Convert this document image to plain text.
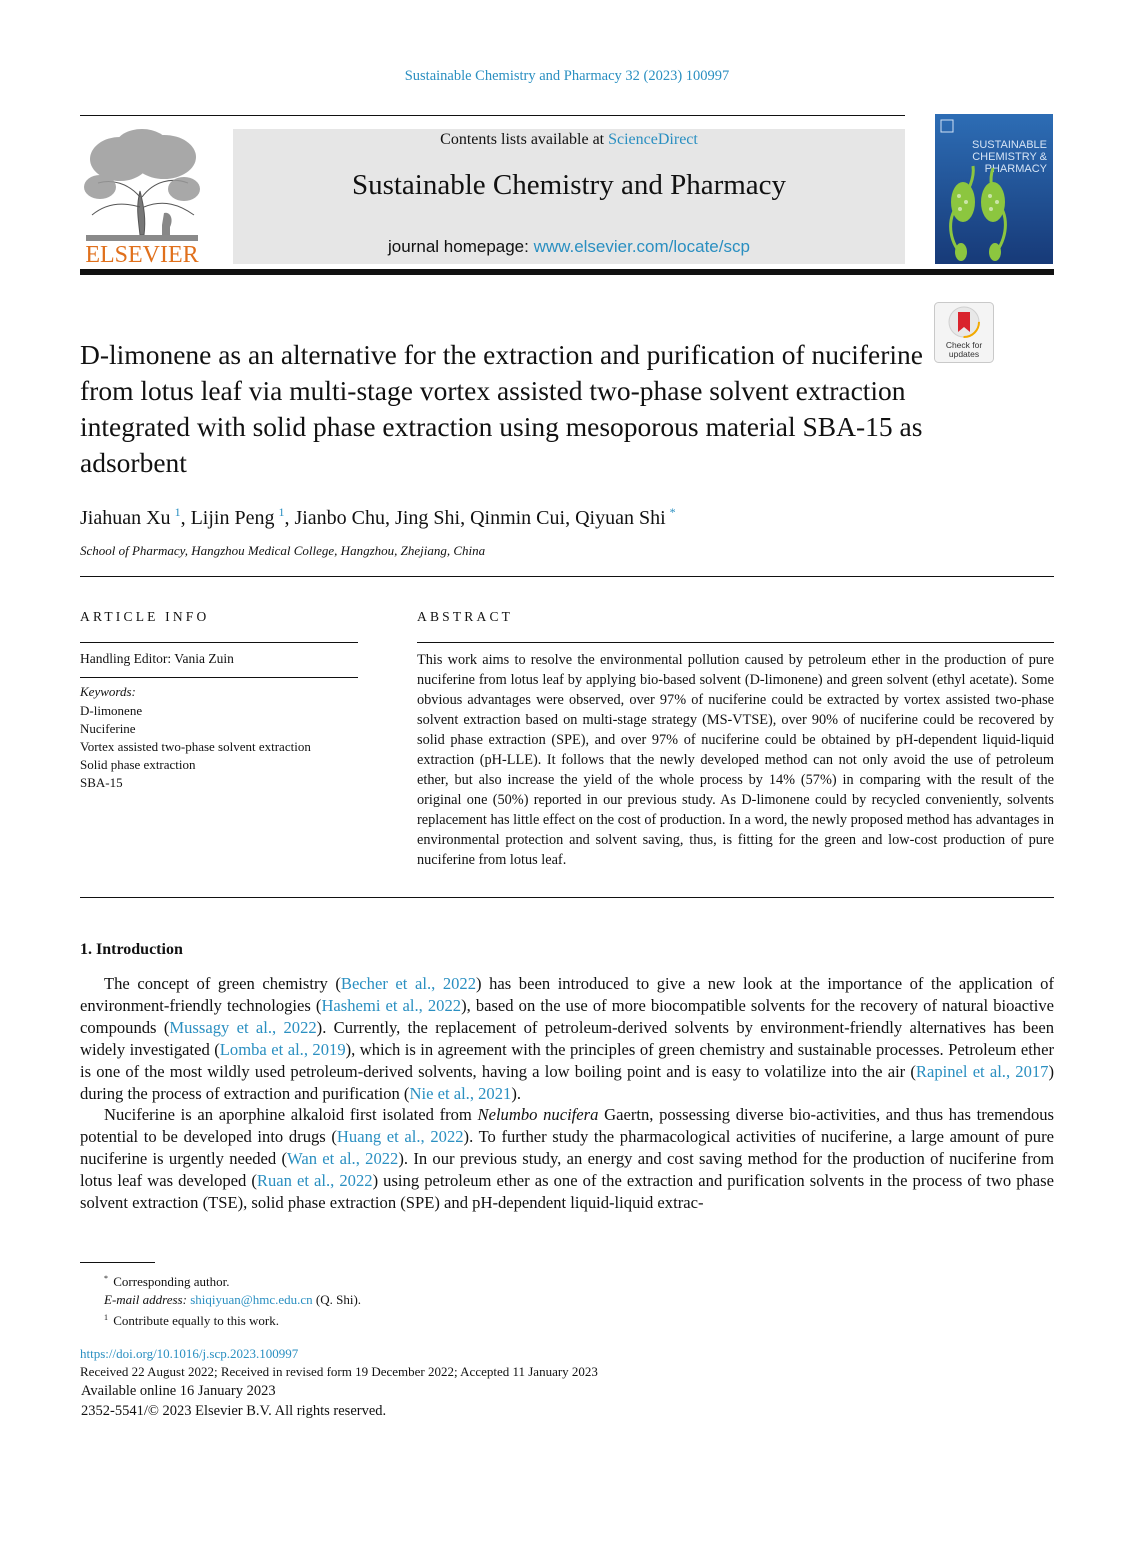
Sustainable Chemistry and Pharmacy 32 (2023) 100997
ELSEVIER
Contents lists available at ScienceDirect
Sustainable Chemistry and Pharmacy
journal homepage: www.elsevier.com/locate/scp
SUSTAINABLE
CHEMISTRY &
PHARMACY
Check for
updates
D-limonene as an alternative for the extraction and purification of nuciferine from lotus leaf via multi-stage vortex assisted two-phase solvent extraction integrated with solid phase extraction using mesoporous material SBA-15 as adsorbent
Jiahuan Xu  $^1$, Lijin Peng  $^1$, Jianbo Chu, Jing Shi, Qinmin Cui, Qiyuan Shi  *
School of Pharmacy, Hangzhou Medical College, Hangzhou, Zhejiang, China
ARTICLE INFO
Handling Editor: Vania Zuin
Keywords:
D-limonene
Nuciferine
Vortex assisted two-phase solvent extraction
Solid phase extraction
SBA-15
ABSTRACT

This work aims to resolve the environmental pollution caused by petroleum ether in the production of pure nuciferine from lotus leaf by applying bio-based solvent (D-limonene) and green solvent (ethyl acetate). Some obvious advantages were observed, over 97% of nuciferine could be extracted by vortex assisted two-phase solvent extraction based on multi-stage strategy (MS-VTSE), over 90% of nuciferine could be recovered by solid phase extraction (SPE), and over 97% of nuciferine could be obtained by pH-dependent liquid-liquid extraction (pH-LLE). It follows that the newly developed method can not only avoid the use of petroleum ether, but also increase the yield of the whole process by 14% (57%) in comparing with the result of the original one (50%) reported in our previous study. As D-limonene could by recycled conveniently, solvents replacement has little effect on the cost of production. In a word, the newly proposed method has advantages in environmental protection and solvent saving, thus, is fitting for the green and low-cost production of pure nuciferine from lotus leaf.

1. Introduction

The concept of green chemistry (Becher et al., 2022) has been introduced to give a new look at the importance of the application of environment-friendly technologies (Hashemi et al., 2022), based on the use of more biocompatible solvents for the recovery of natural bioactive compounds (Mussagy et al., 2022). Currently, the replacement of petroleum-derived solvents by environment-friendly alternatives has been widely investigated (Lomba et al., 2019), which is in agreement with the principles of green chemistry and sustainable processes. Petroleum ether is one of the most wildly used petroleum-derived solvents, having a low boiling point and is easy to volatilize into the air (Rapinel et al., 2017) during the process of extraction and purification (Nie et al., 2021).

Nuciferine is an aporphine alkaloid first isolated from Nelumbo nucifera Gaertn, possessing diverse bio-activities, and thus has tremendous potential to be developed into drugs (Huang et al., 2022). To further study the pharmacological activities of nuciferine, a large amount of pure nuciferine is urgently needed (Wan et al., 2022). In our previous study, an energy and cost saving method for the production of nuciferine from lotus leaf was developed (Ruan et al., 2022) using petroleum ether as one of the extraction and purification solvents in the process of two phase solvent extraction (TSE), solid phase extraction (SPE) and pH-dependent liquid-liquid extrac-

* Corresponding author.
E-mail address: shiqiyuan@hmc.edu.cn (Q. Shi).
$^1$ Contribute equally to this work.
https://doi.org/10.1016/j.scp.2023.100997
Received 22 August 2022; Received in revised form 19 December 2022; Accepted 11 January 2023
Available online 16 January 2023
2352-5541/© 2023 Elsevier B.V. All rights reserved.
